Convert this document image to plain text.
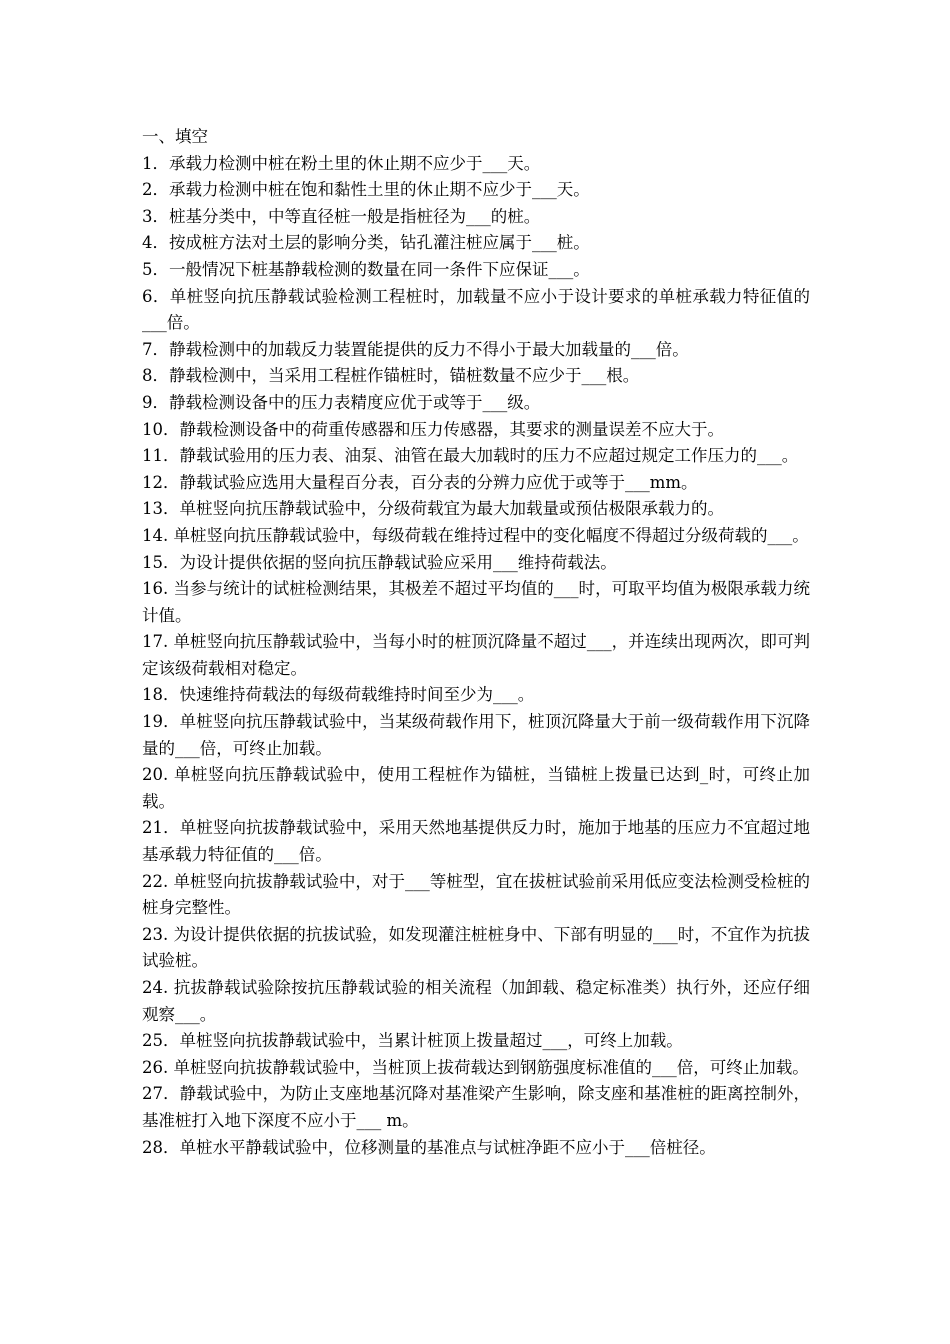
一、填空

1．承载力检测中桩在粉土里的休止期不应少于___天。

2．承载力检测中桩在饱和黏性土里的休止期不应少于___天。

3．桩基分类中，中等直径桩一般是指桩径为___的桩。

4．按成桩方法对土层的影响分类，钻孔灌注桩应属于___桩。

5．一般情况下桩基静载检测的数量在同一条件下应保证___。

6．单桩竖向抗压静载试验检测工程桩时，加载量不应小于设计要求的单桩承载力特征值的___倍。

7．静载检测中的加载反力装置能提供的反力不得小于最大加载量的___倍。

8．静载检测中，当采用工程桩作锚桩时，锚桩数量不应少于___根。

9．静载检测设备中的压力表精度应优于或等于___级。

10．静载检测设备中的荷重传感器和压力传感器，其要求的测量误差不应大于。

11．静载试验用的压力表、油泵、油管在最大加载时的压力不应超过规定工作压力的___。

12．静载试验应选用大量程百分表，百分表的分辨力应优于或等于___mm。

13．单桩竖向抗压静载试验中，分级荷载宜为最大加载量或预估极限承载力的。

14. 单桩竖向抗压静载试验中，每级荷载在维持过程中的变化幅度不得超过分级荷载的___。

15．为设计提供依据的竖向抗压静载试验应采用___维持荷载法。

16. 当参与统计的试桩检测结果，其极差不超过平均值的___时，可取平均值为极限承载力统计值。

17. 单桩竖向抗压静载试验中，当每小时的桩顶沉降量不超过___，并连续出现两次，即可判定该级荷载相对稳定。

18．快速维持荷载法的每级荷载维持时间至少为___。

19．单桩竖向抗压静载试验中，当某级荷载作用下，桩顶沉降量大于前一级荷载作用下沉降量的___倍，可终止加载。

20. 单桩竖向抗压静载试验中，使用工程桩作为锚桩，当锚桩上拨量已达到_时，可终止加载。

21．单桩竖向抗拔静载试验中，采用天然地基提供反力时，施加于地基的压应力不宜超过地基承载力特征值的___倍。

22. 单桩竖向抗拔静载试验中，对于___等桩型，宜在拔桩试验前采用低应变法检测受检桩的桩身完整性。

23. 为设计提供依据的抗拔试验，如发现灌注桩桩身中、下部有明显的___时，不宜作为抗拔试验桩。

24. 抗拔静载试验除按抗压静载试验的相关流程（加卸载、稳定标准类）执行外，还应仔细观察___。

25．单桩竖向抗拔静载试验中，当累计桩顶上拨量超过___，可终上加载。

26. 单桩竖向抗拔静载试验中，当桩顶上拔荷载达到钢筋强度标准值的___倍，可终止加载。

27．静载试验中，为防止支座地基沉降对基准梁产生影响，除支座和基准桩的距离控制外，基准桩打入地下深度不应小于___ m。

28．单桩水平静载试验中，位移测量的基准点与试桩净距不应小于___倍桩径。
